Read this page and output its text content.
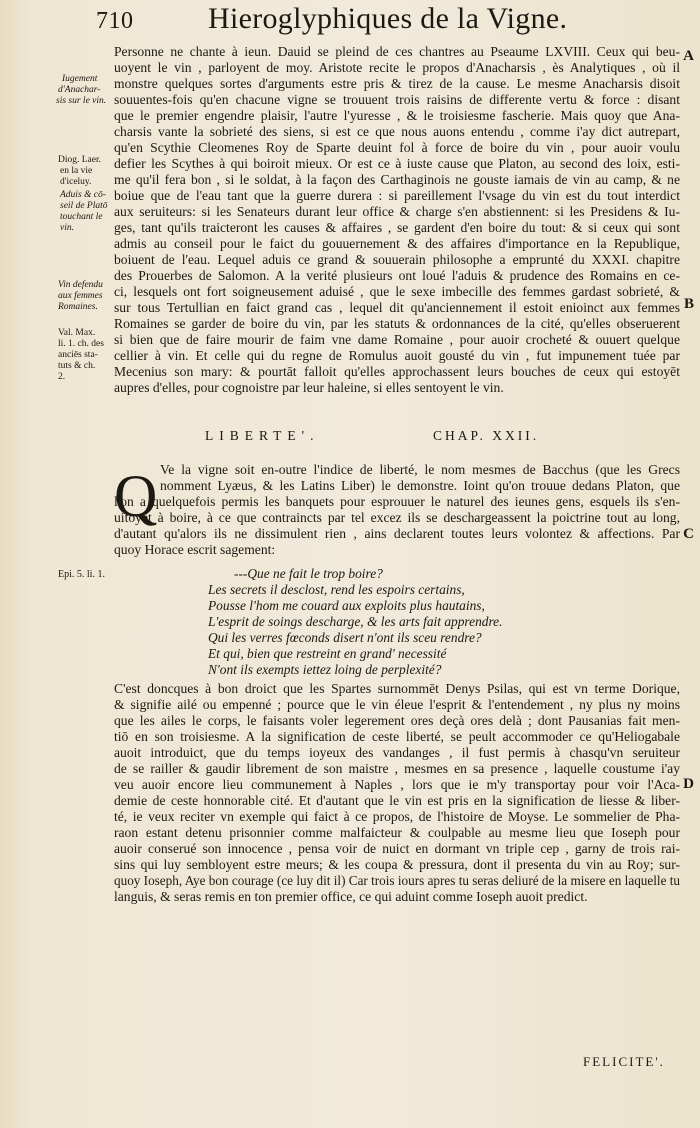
710 Hieroglyphiques de la Vigne.
A
B
C
D
Iugement
d'Anachar-
sis sur le vin.
Diog. Laer.
en la vie
d'iceluy.
Aduis & cō-
seil de Platō
touchant le
vin.
Vin defendu
aux femmes
Romaines.
Val. Max.
li. 1. ch. des
anciēs sta-
tuts & ch.
2.
Epi. 5. li. 1.
Personne ne chante à ieun. Dauid se pleind de ces chantres au Pseaume LXVIII. Ceux qui beu-
uoyent le vin , parloyent de moy. Aristote recite le propos d'Anacharsis , ès Analytiques , où il
monstre quelques sortes d'arguments estre pris & tirez de la cause. Le mesme Anacharsis disoit
souuentes-fois qu'en chacune vigne se trouuent trois raisins de differente vertu & force : disant
que le premier engendre plaisir, l'autre l'yuresse , & le troisiesme fascherie. Mais quoy que Ana-
charsis vante la sobrieté des siens, si est ce que nous auons entendu , comme i'ay dict autrepart,
qu'en Scythie Cleomenes Roy de Sparte deuint fol à force de boire du vin , pour auoir voulu
defier les Scythes à qui boiroit mieux. Or est ce à iuste cause que Platon, au second des loix, esti-
me qu'il fera bon , si le soldat, à la façon des Carthaginois ne gouste iamais de vin au camp, & ne
boiue que de l'eau tant que la guerre durera : si pareillement l'vsage du vin est du tout interdict
aux seruiteurs: si les Senateurs durant leur office & charge s'en abstiennent: si les Presidens & Iu-
ges, tant qu'ils traicteront les causes & affaires , se gardent d'en boire du tout: & si ceux qui sont
admis au conseil pour le faict du gouuernement & des affaires d'importance en la Republique,
boiuent de l'eau. Lequel aduis ce grand & souuerain philosophe a emprunté du XXXI. chapitre
des Prouerbes de Salomon. A la verité plusieurs ont loué l'aduis & prudence des Romains en ce-
ci, lesquels ont fort soigneusement aduisé , que le sexe imbecille des femmes gardast sobrieté, &
sur tous Tertullian en faict grand cas , lequel dit qu'anciennement il estoit enioinct aux femmes
Romaines se garder de boire du vin, par les statuts & ordonnances de la cité, qu'elles obseruerent
si bien que de faire mourir de faim vne dame Romaine , pour auoir crocheté & ouuert quelque
cellier à vin. Et celle qui du regne de Romulus auoit gousté du vin , fut impunement tuée par
Mecenius son mary: & pourtāt falloit qu'elles approchassent leurs bouches de ceux qui estoyēt
aupres d'elles, pour cognoistre par leur haleine, si elles sentoyent le vin.
LIBERTE'.	CHAP. XXII.
Q Ve la vigne soit en-outre l'indice de liberté, le nom mesmes de Bacchus (que les Grecs
nomment Lyæus, & les Latins Liber) le demonstre. Ioint qu'on trouue dedans Platon, que
l'on a quelquefois permis les banquets pour esprouuer le naturel des ieunes gens, esquels ils s'en-
uitoyēt à boire, à ce que contraincts par tel excez ils se deschargeassent la poictrine tout au long,
d'autant qu'alors ils ne dissimulent rien , ains declarent toutes leurs volontez & affections. Par
quoy Horace escrit sagement:
---Que ne fait le trop boire?
Les secrets il desclost, rend les espoirs certains,
Pousse l'hom me couard aux exploits plus hautains,
L'esprit de soings descharge, & les arts fait apprendre.
Qui les verres fœconds disert n'ont ils sceu rendre?
Et qui, bien que restreint en grand' necessité
N'ont ils exempts iettez loing de perplexité?
C'est doncques à bon droict que les Spartes surnommēt Denys Psilas, qui est vn terme Dorique,
& signifie ailé ou empenné ; pource que le vin éleue l'esprit & l'entendement , ny plus ny moins
que les ailes le corps, le faisants voler legerement ores deçà ores delà ; dont Pausanias fait men-
tiō en son troisiesme. A la signification de ceste liberté, se peult accommoder ce qu'Heliogabale
auoit introduict, que du temps ioyeux des vandanges , il fust permis à chasqu'vn seruiteur
de se railler & gaudir librement de son maistre , mesmes en sa presence , laquelle coustume i'ay
veu auoir encore lieu communement à Naples , lors que ie m'y transportay pour voir l'Aca-
demie de ceste honnorable cité. Et d'autant que le vin est pris en la signification de liesse & liber-
té, ie veux reciter vn exemple qui faict à ce propos, de l'histoire de Moyse. Le sommelier de Pha-
raon estant detenu prisonnier comme malfaicteur & coulpable au mesme lieu que Ioseph pour
auoir conserué son innocence , pensa voir de nuict en dormant vn triple cep , garny de trois rai-
sins qui luy sembloyent estre meurs; & les coupa & pressura, dont il presenta du vin au Roy; sur-
quoy Ioseph, Aye bon courage (ce luy dit il) Car trois iours apres tu seras deliuré de la misere en laquelle tu
languis, & seras remis en ton premier office, ce qui aduint comme Ioseph auoit predict.
FELICITE'.
